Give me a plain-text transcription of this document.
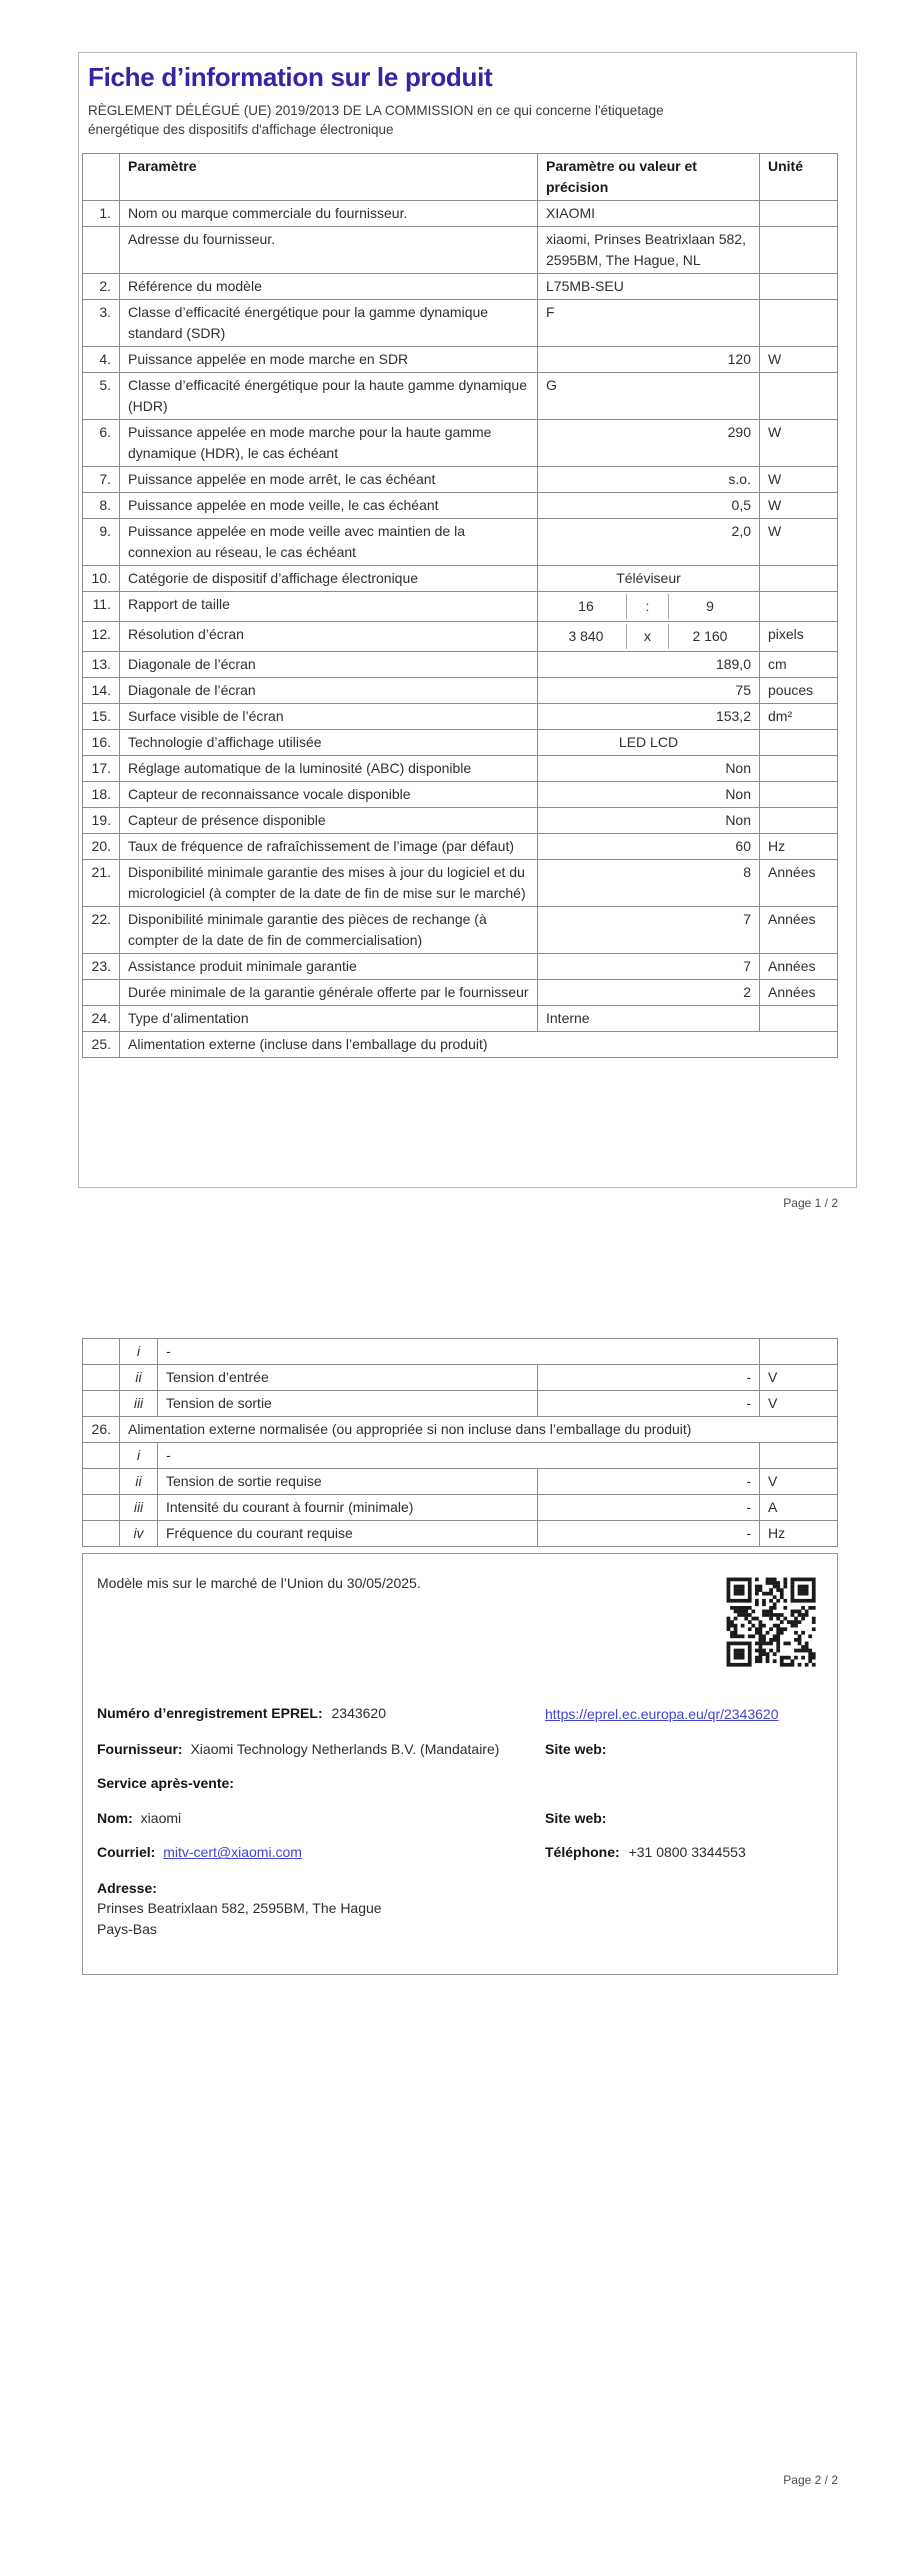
Fiche d’information sur le produit

RÈGLEMENT DÉLÉGUÉ (UE) 2019/2013 DE LA COMMISSION en ce qui concerne l'étiquetage énergétique des dispositifs d'affichage électronique

	Paramètre	Paramètre ou valeur et précision	Unité
1.	Nom ou marque commerciale du fournisseur.	XIAOMI	
	Adresse du fournisseur.	xiaomi, Prinses Beatrixlaan 582, 2595BM, The Hague, NL	
2.	Référence du modèle	L75MB-SEU	
3.	Classe d’efficacité énergétique pour la gamme dynamique standard (SDR)	F	
4.	Puissance appelée en mode marche en SDR	120	W
5.	Classe d’efficacité énergétique pour la haute gamme dynamique (HDR)	G	
6.	Puissance appelée en mode marche pour la haute gamme dynamique (HDR), le cas échéant	290	W
7.	Puissance appelée en mode arrêt, le cas échéant	s.o.	W
8.	Puissance appelée en mode veille, le cas échéant	0,5	W
9.	Puissance appelée en mode veille avec maintien de la connexion au réseau, le cas échéant	2,0	W
10.	Catégorie de dispositif d’affichage électronique	Téléviseur	
11.	Rapport de taille	16 : 9	

12.	Résolution d’écran	3 840 x 2 160	pixels
13.	Diagonale de l’écran	189,0	cm
14.	Diagonale de l’écran	75	pouces
15.	Surface visible de l’écran	153,2	dm²
16.	Technologie d’affichage utilisée	LED LCD	
17.	Réglage automatique de la luminosité (ABC) disponible	Non	
18.	Capteur de reconnaissance vocale disponible	Non	
19.	Capteur de présence disponible	Non	
20.	Taux de fréquence de rafraîchissement de l’image (par défaut)	60	Hz
21.	Disponibilité minimale garantie des mises à jour du logiciel et du micrologiciel (à compter de la date de fin de mise sur le marché)	8	Années
22.	Disponibilité minimale garantie des pièces de rechange (à compter de la date de fin de commercialisation)	7	Années
23.	Assistance produit minimale garantie	7	Années
	Durée minimale de la garantie générale offerte par le fournisseur	2	Années
24.	Type d’alimentation	Interne	
25.	Alimentation externe (incluse dans l’emballage du produit)		
Page 1 / 2
	i	-		
	ii	Tension d’entrée	-	V
	iii	Tension de sortie	-	V
26.	Alimentation externe normalisée (ou appropriée si non incluse dans l’emballage du produit)			
	i	-		
	ii	Tension de sortie requise	-	V
	iii	Intensité du courant à fournir (minimale)	-	A
	iv	Fréquence du courant requise	-	Hz

Modèle mis sur le marché de l’Union du 30/05/2025.

Numéro d’enregistrement EPREL: 2343620	https://eprel.ec.europa.eu/qr/2343620

Fournisseur: Xiaomi Technology Netherlands B.V. (Mandataire)	Site web:

Service après-vente:

Nom: xiaomi	Site web:

Courriel: mitv-cert@xiaomi.com	Téléphone: +31 0800 3344553

Adresse:
Prinses Beatrixlaan 582, 2595BM, The Hague
Pays-Bas

Page 2 / 2
